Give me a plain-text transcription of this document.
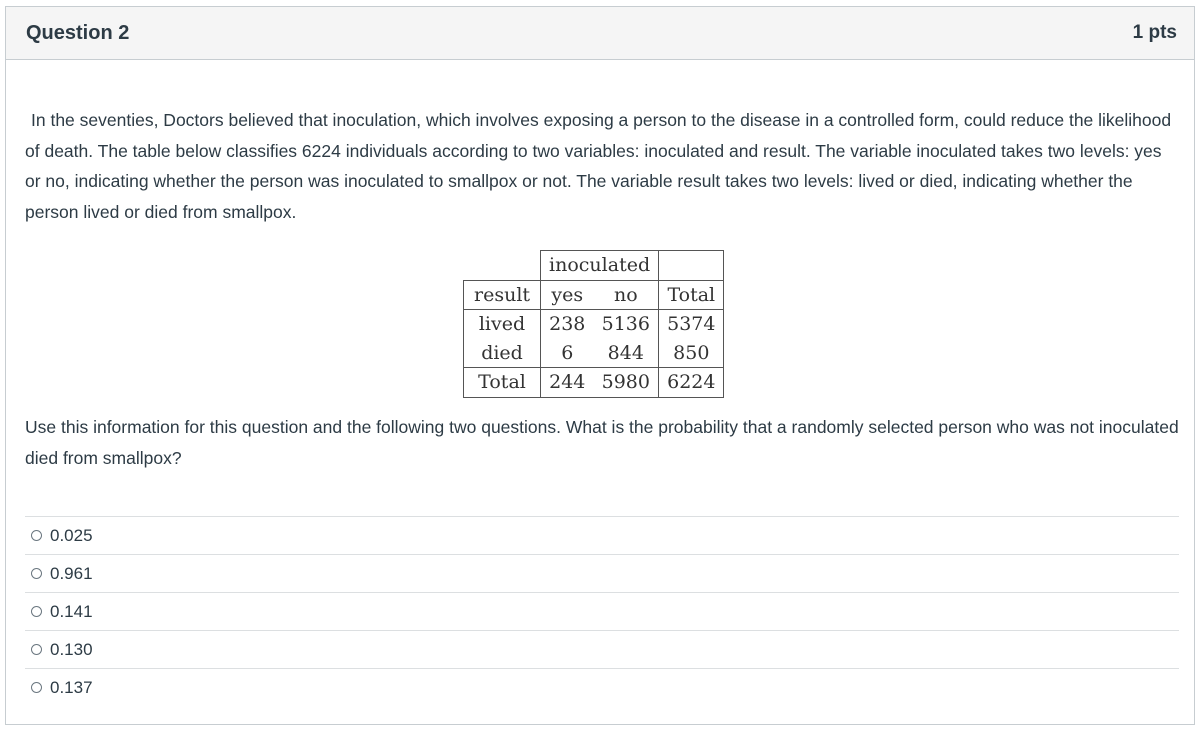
Question 2	1 pts
In the seventies, Doctors believed that inoculation, which involves exposing a person to the disease in a controlled form, could reduce the likelihood of death. The table below classifies 6224 individuals according to two variables: inoculated and result. The variable inoculated takes two levels: yes or no, indicating whether the person was inoculated to smallpox or not. The variable result takes two levels: lived or died, indicating whether the person lived or died from smallpox.
	inoculated		
result	yes	no	Total
lived	238	5136	5374
died	6	844	850
Total	244	5980	6224
Use this information for this question and the following two questions. What is the probability that a randomly selected person who was not inoculated died from smallpox?
0.025
0.961
0.141
0.130
0.137
